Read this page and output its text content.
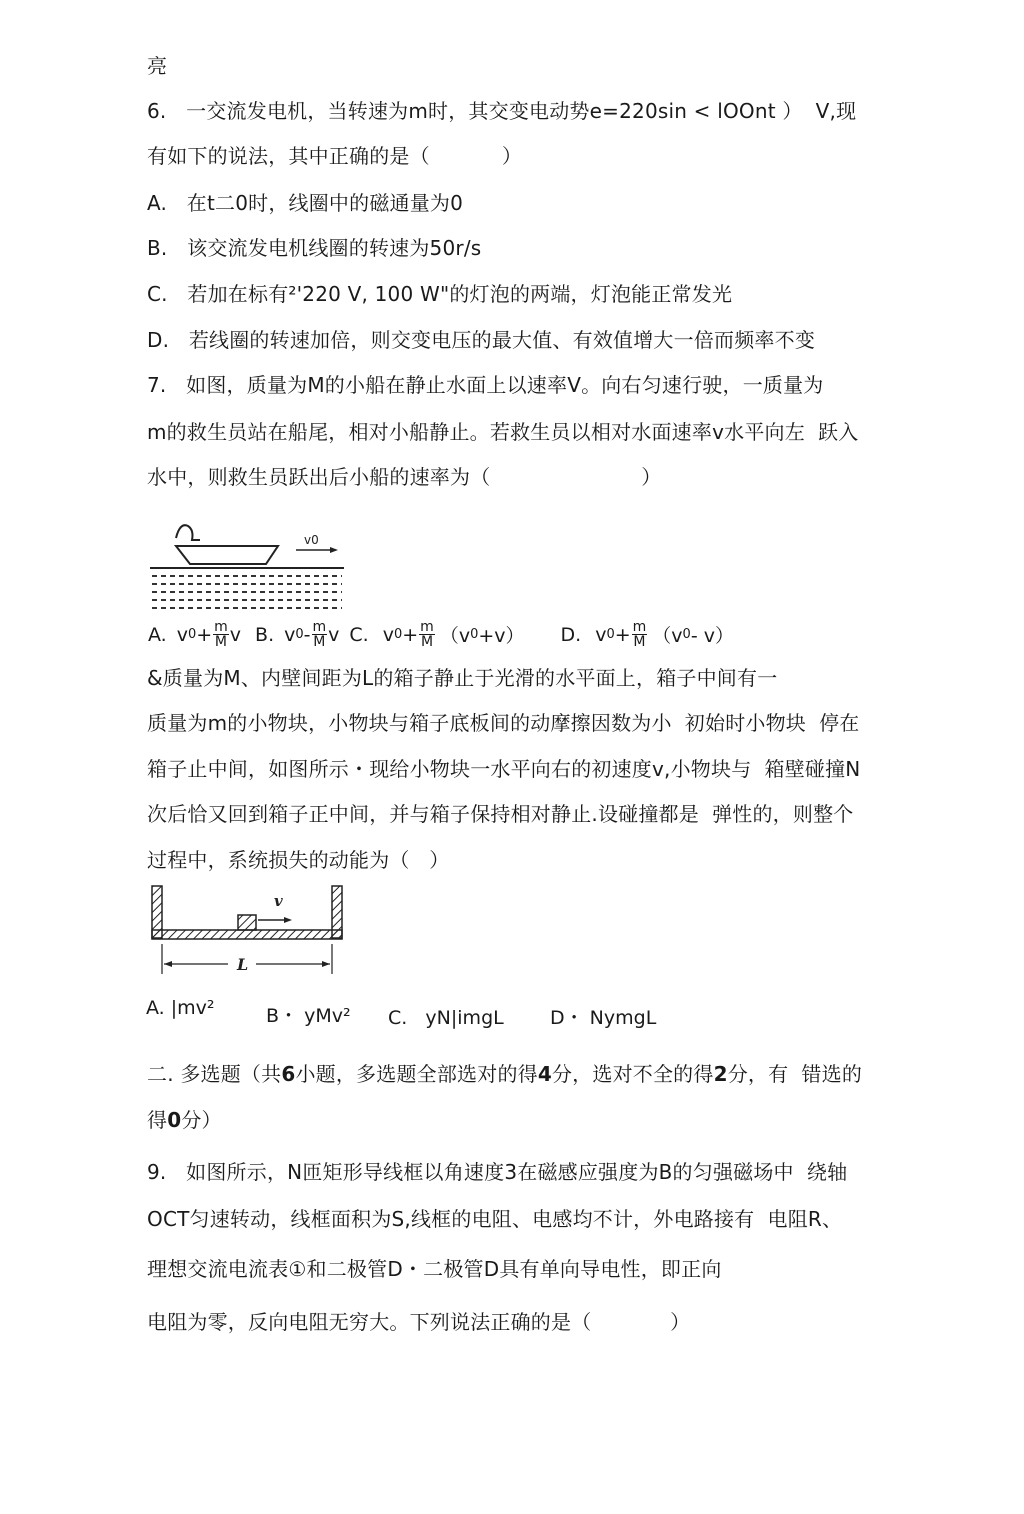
亮
6.   一交流发电机，当转速为m时，其交变电动势e=220sin < lOOnt ）  V,现
有如下的说法，其中正确的是（           ）
A.   在t二0时，线圈中的磁通量为0
B.   该交流发电机线圈的转速为50r/s
C.   若加在标有²'220 V, 100 W"的灯泡的两端，灯泡能正常发光
D.   若线圈的转速加倍，则交变电压的最大值、有效值增大一倍而频率不变
7.   如图，质量为M的小船在静止水面上以速率V。向右匀速行驶，一质量为
m的救生员站在船尾，相对小船静止。若救生员以相对水面速率v水平向左  跃入
水中，则救生员跃出后小船的速率为（                       ）
v0
A. v $0 + \frac{m}{M}$ v B. v $0 - \frac{m}{M}$ v C. v $0 + \frac{m}{M} (v$ 0 +v） D. v $0 + \frac{m}{M} (v$ 0 - v）
&质量为M、内壁间距为L的箱子静止于光滑的水平面上，箱子中间有一
质量为m的小物块，小物块与箱子底板间的动摩擦因数为小  初始时小物块  停在
箱子止中间，如图所示・现给小物块一水平向右的初速度v,小物块与  箱壁碰撞N
次后恰又回到箱子正中间，并与箱子保持相对静止.设碰撞都是  弹性的，则整个
过程中，系统损失的动能为（   ）
v
L
A. |mv²	B・ yMv² C.   yN|imgL D・ NymgL
二. 多选题（共6小题，多选题全部选对的得4分，选对不全的得2分，有  错选的
得0分）
9.   如图所示，N匝矩形导线框以角速度3在磁感应强度为B的匀强磁场中  绕轴
OCT匀速转动，线框面积为S,线框的电阻、电感均不计，外电路接有  电阻R、
理想交流电流表①和二极管D・二极管D具有单向导电性，即正向
电阻为零，反向电阻无穷大。下列说法正确的是（            ）
